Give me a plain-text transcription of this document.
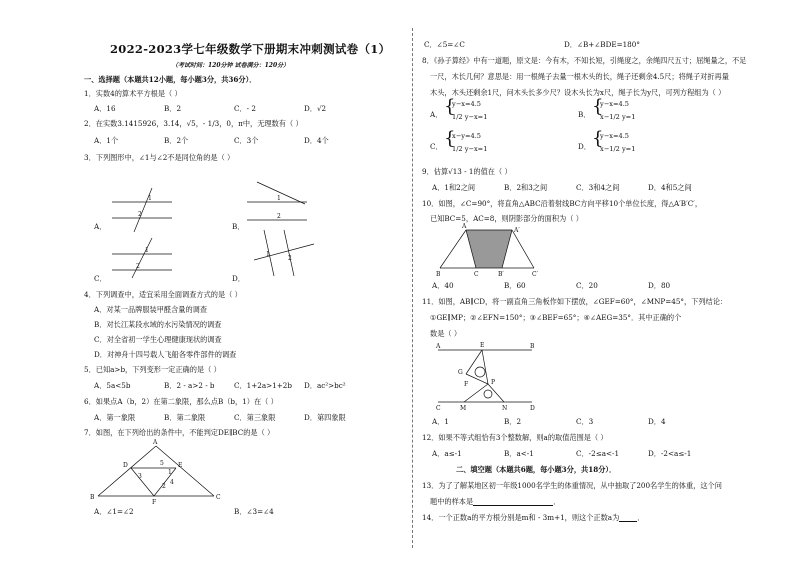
2022-2023学七年级数学下册期末冲刺测试卷（1）
（考试时间：120分钟 试卷满分：120分）
一、选择题（本题共12小题，每小题3分，共36分）．
1．实数4的算术平方根是（ ）
A．16	B．2	C．- 2	D．√2
2．在实数3.1415926，3.1̇4̇，√5，- 1/3，0，π中，无理数有（ ）
A．1个	B．2个	C．3个	D．4个
3．下列图形中，∠1与∠2不是同位角的是（ ）
A．	B．
C．	D．
1
2
1
2
1
2
1
2
4．下列调查中，适宜采用全面调查方式的是（ ）
A．对某一品牌服装甲醛含量的调查
B．对长江某段水域的水污染情况的调查
C．对全省初一学生心理健康现状的调查
D．对神舟十四号载人飞船各零件部件的调查
5．已知a>b，下列变形一定正确的是（ ）
A．5a<5b	B．2 - a>2 - b	C．1+2a>1+2b	D．ac²>bc²
6．如果点A（b，2）在第二象限，那么点B（b，1）在（ ）
A．第一象限	B．第二象限	C．第三象限	D．第四象限
7．如图，在下列给出的条件中，不能判定DE∥BC的是（ ）
A
D	E
B
F
C
1
2
3
4
5
A．∠1=∠2	B．∠3=∠4
C．∠5=∠C	D．∠B+∠BDE=180°
8．《孙子算经》中有一道题，原文是：今有木，不知长短，引绳度之，余绳四尺五寸；屈绳量之，不足
一尺，木长几何？意思是：用一根绳子去量一根木头的长，绳子还剩余4.5尺；将绳子对折再量
木头，木头还剩余1尺，问木头长多少尺？设木头长为x尺，绳子长为y尺，可列方程组为（ ）
A．	B．
C．	D．
{
y−x=4.5
1/2 y−x=1	{
y−x=4.5
x−1/2 y=1
{
x−y=4.5
1/2 y−x=1	{
y−x=4.5
x−1/2 y=1
9．估算√13 - 1的值在（ ）
A．1和2之间	B．2和3之间	C．3和4之间	D．4和5之间
10．如图，∠C=90°，将直角△ABC沿着射线BC方向平移10个单位长度，得△A′B′C′，
已知BC=5，AC=8，则阴影部分的面积为（ ）
A
A′
B	C	B′	C′
A．40	B．60	C．20	D．80
11．如图，AB∥CD，将一副直角三角板作如下摆放，∠GEF=60°，∠MNP=45°，下列结论：
①GE∥MP；②∠EFN=150°；③∠BEF=65°；④∠AEG=35°．其中正确的个
数是（ ）
A	E	B
G
F	P
C	M	N	D
A．1	B．2	C．3	D．4
12．如果不等式组恰有3个整数解，则a的取值范围是（ ）
A．a≤-1	B．a<-1	C．-2≤a<-1	D．-2<a≤-1
二、填空题（本题共6题，每小题3分，共18分）．
13．为了了解某地区初一年级1000名学生的体重情况，从中抽取了200名学生的体重，这个问
题中的样本是	．
14．一个正数a的平方根分别是m和 - 3m+1，则这个正数a为	．
